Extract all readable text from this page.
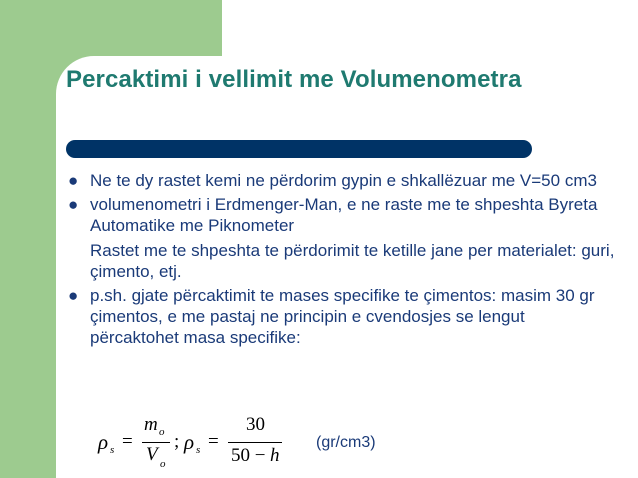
Percaktimi i vellimit me Volumenometra
● Ne te dy rastet kemi ne përdorim gypin e shkallëzuar me V=50 cm3
● volumenometri i Erdmenger-Man, e ne raste me te shpeshta Byreta Automatike me Piknometer
Rastet me te shpeshta te përdorimit te ketille jane per materialet: guri, çimento, etj.
● p.sh. gjate përcaktimit te mases specifike te çimentos: masim 30 gr çimentos, e me pastaj ne principin e cvendosjes se lengut përcaktohet masa specifike:
ρ s =
m o
V o
; ρ s =
30
50 − h
(gr/cm3)
